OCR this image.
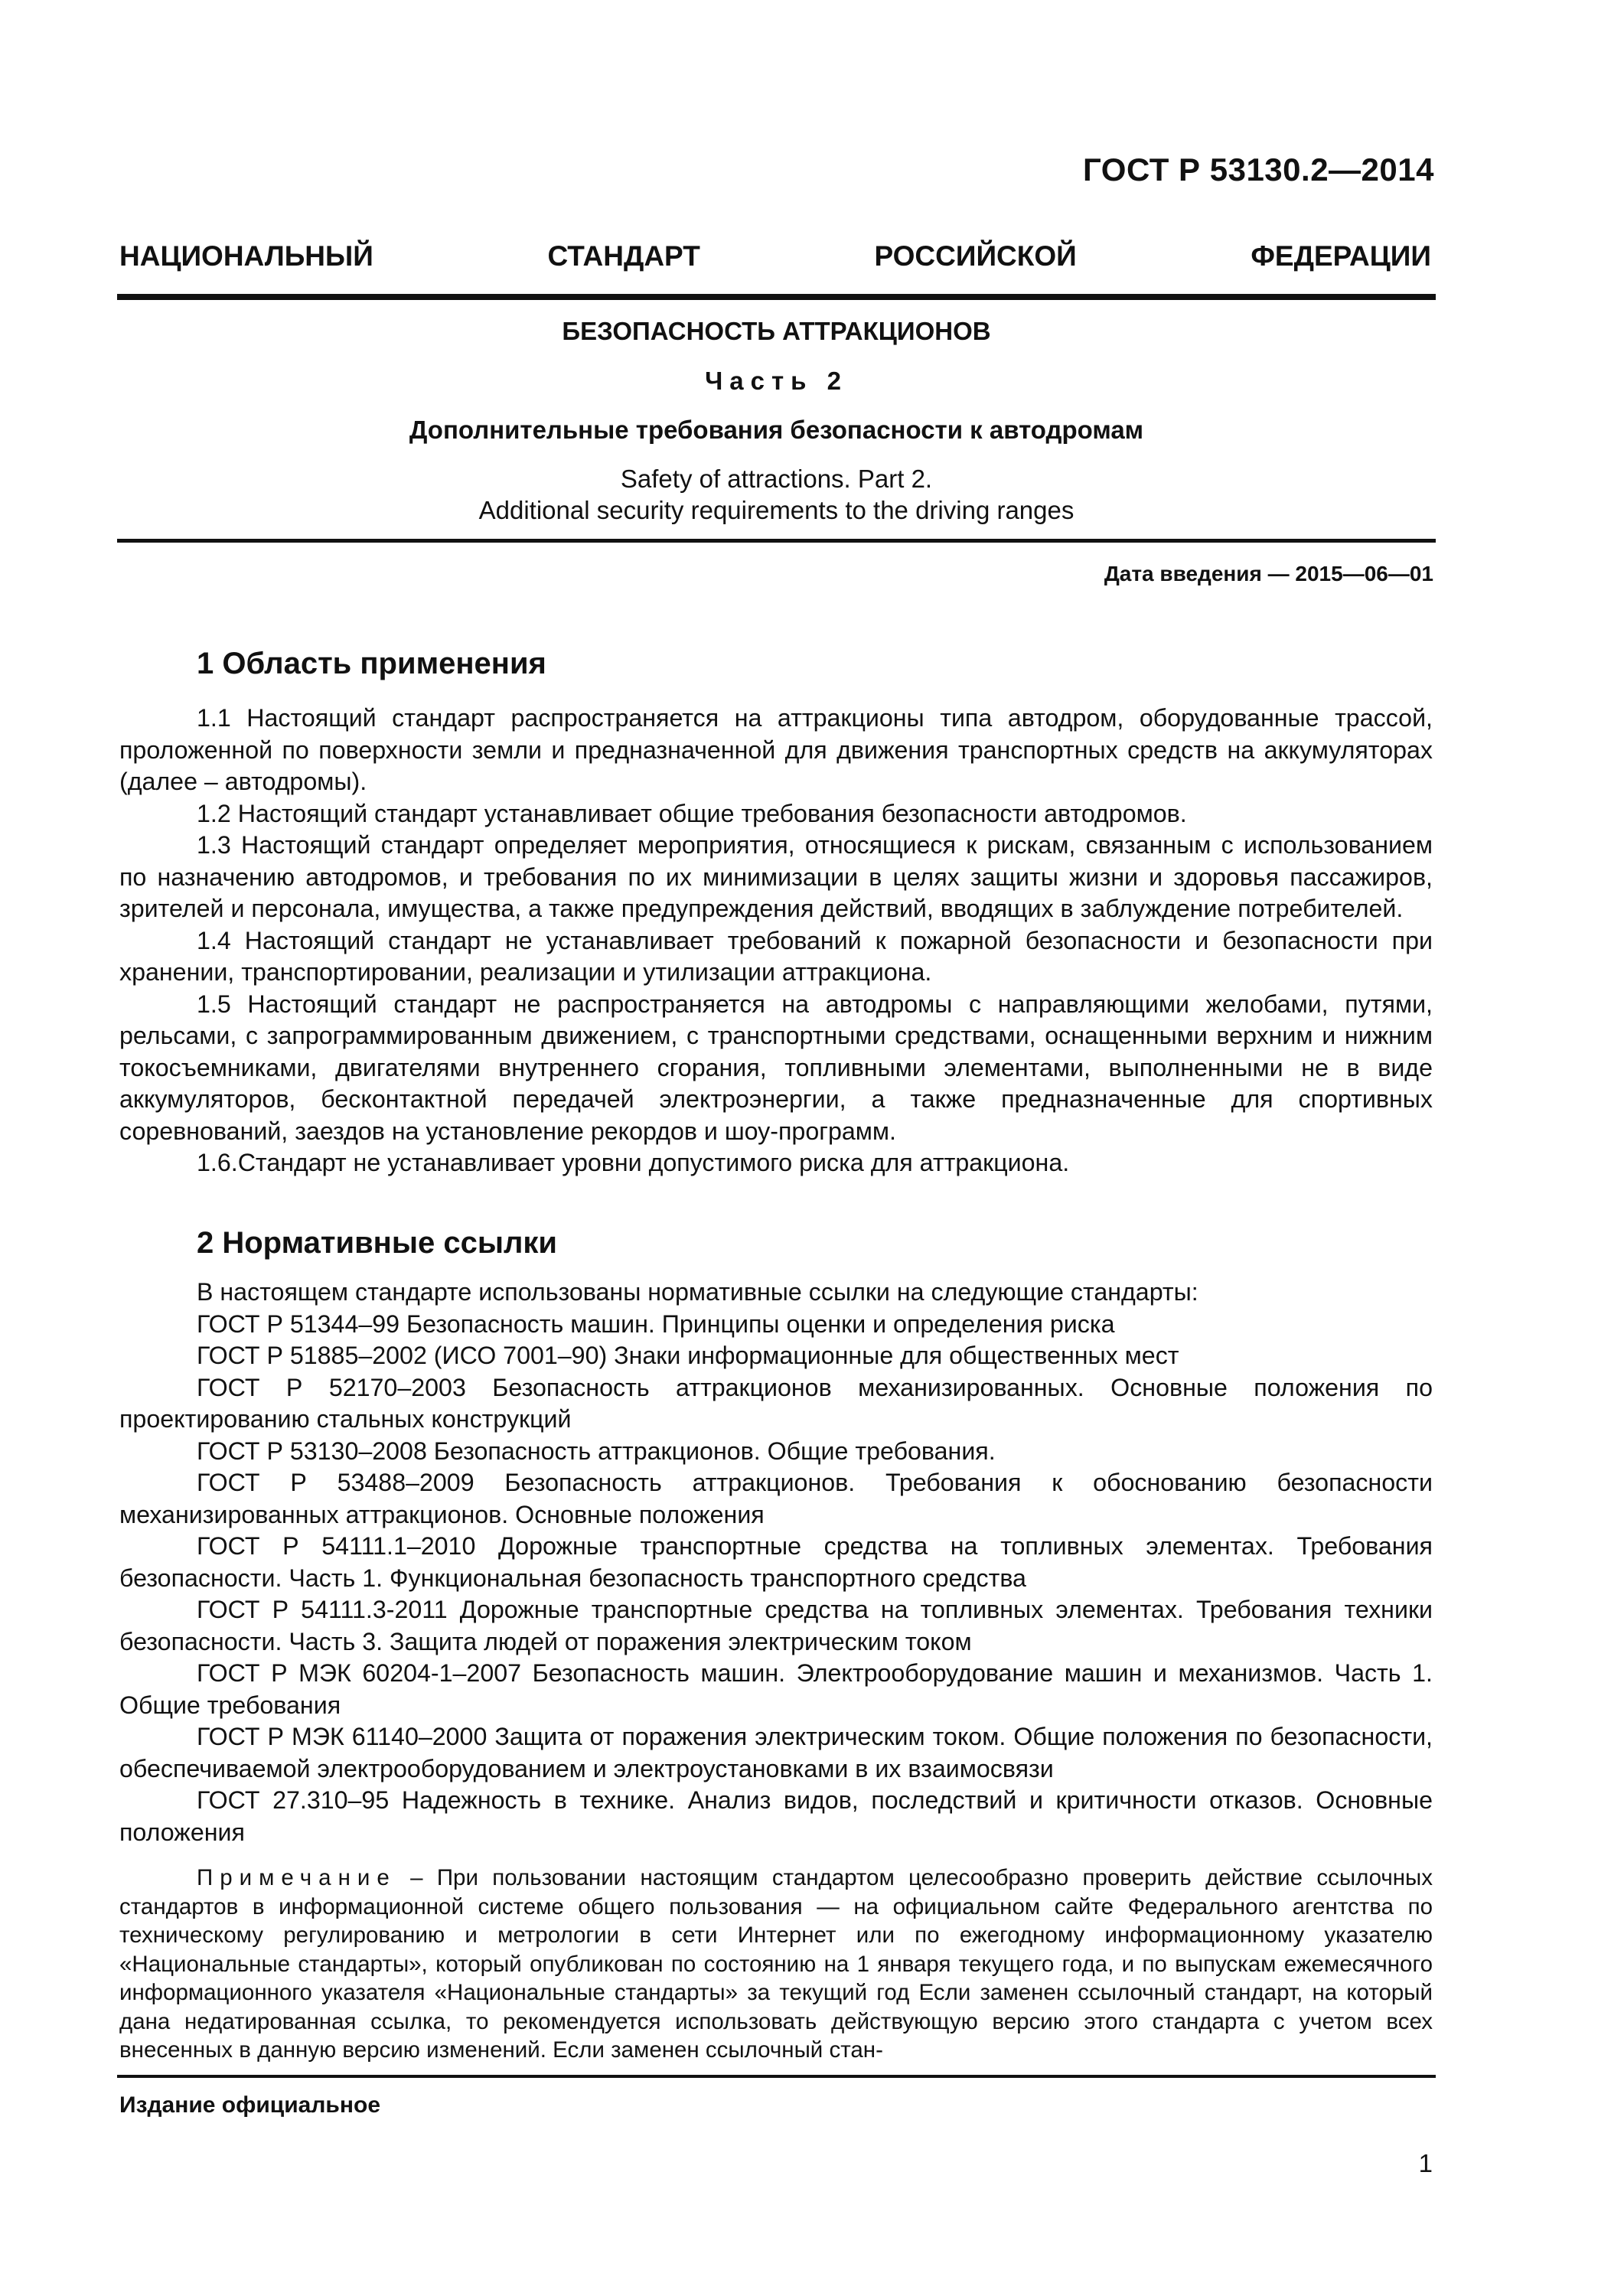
ГОСТ Р 53130.2—2014
НАЦИОНАЛЬНЫЙ СТАНДАРТ РОССИЙСКОЙ ФЕДЕРАЦИИ
БЕЗОПАСНОСТЬ АТТРАКЦИОНОВ
Часть 2
Дополнительные требования безопасности к автодромам
Safety of attractions. Part 2.
Additional security requirements to the driving ranges
Дата введения — 2015—06—01
1 Область применения

1.1 Настоящий стандарт распространяется на аттракционы типа автодром, оборудованные трассой, проложенной по поверхности земли и предназначенной для движения транспортных средств на аккумуляторах (далее – автодромы).

1.2 Настоящий стандарт устанавливает общие требования безопасности автодромов.

1.3 Настоящий стандарт определяет мероприятия, относящиеся к рискам, связанным с использованием по назначению автодромов, и требования по их минимизации в целях защиты жизни и здоровья пассажиров, зрителей и персонала, имущества, а также предупреждения действий, вводящих в заблуждение потребителей.

1.4 Настоящий стандарт не устанавливает требований к пожарной безопасности и безопасности при хранении, транспортировании, реализации и утилизации аттракциона.

1.5 Настоящий стандарт не распространяется на автодромы с направляющими желобами, путями, рельсами, с запрограммированным движением, с транспортными средствами, оснащенными верхним и нижним токосъемниками, двигателями внутреннего сгорания, топливными элементами, выполненными не в виде аккумуляторов, бесконтактной передачей электроэнергии, а также предназначенные для спортивных соревнований, заездов на установление рекордов и шоу-программ.

1.6.Стандарт не устанавливает уровни допустимого риска для аттракциона.

2 Нормативные ссылки

В настоящем стандарте использованы нормативные ссылки на следующие стандарты:

ГОСТ Р 51344–99 Безопасность машин. Принципы оценки и определения риска

ГОСТ Р 51885–2002 (ИСО 7001–90) Знаки информационные для общественных мест

ГОСТ Р 52170–2003 Безопасность аттракционов механизированных. Основные положения по проектированию стальных конструкций

ГОСТ Р 53130–2008 Безопасность аттракционов. Общие требования.

ГОСТ Р 53488–2009 Безопасность аттракционов. Требования к обоснованию безопасности механизированных аттракционов. Основные положения

ГОСТ Р 54111.1–2010 Дорожные транспортные средства на топливных элементах. Требования безопасности. Часть 1. Функциональная безопасность транспортного средства

ГОСТ Р 54111.3-2011 Дорожные транспортные средства на топливных элементах. Требования техники безопасности. Часть 3. Защита людей от поражения электрическим током

ГОСТ Р МЭК 60204-1–2007 Безопасность машин. Электрооборудование машин и механизмов. Часть 1. Общие требования

ГОСТ Р МЭК 61140–2000 Защита от поражения электрическим током. Общие положения по безопасности, обеспечиваемой электрооборудованием и электроустановками в их взаимосвязи

ГОСТ 27.310–95 Надежность в технике. Анализ видов, последствий и критичности отказов. Основные положения

Примечание – При пользовании настоящим стандартом целесообразно проверить действие ссылочных стандартов в информационной системе общего пользования — на официальном сайте Федерального агентства по техническому регулированию и метрологии в сети Интернет или по ежегодному информационному указателю «Национальные стандарты», который опубликован по состоянию на 1 января текущего года, и по выпускам ежемесячного информационного указателя «Национальные стандарты» за текущий год Если заменен ссылочный стандарт, на который дана недатированная ссылка, то рекомендуется использовать действующую версию этого стандарта с учетом всех внесенных в данную версию изменений. Если заменен ссылочный стан-
Издание официальное
1
